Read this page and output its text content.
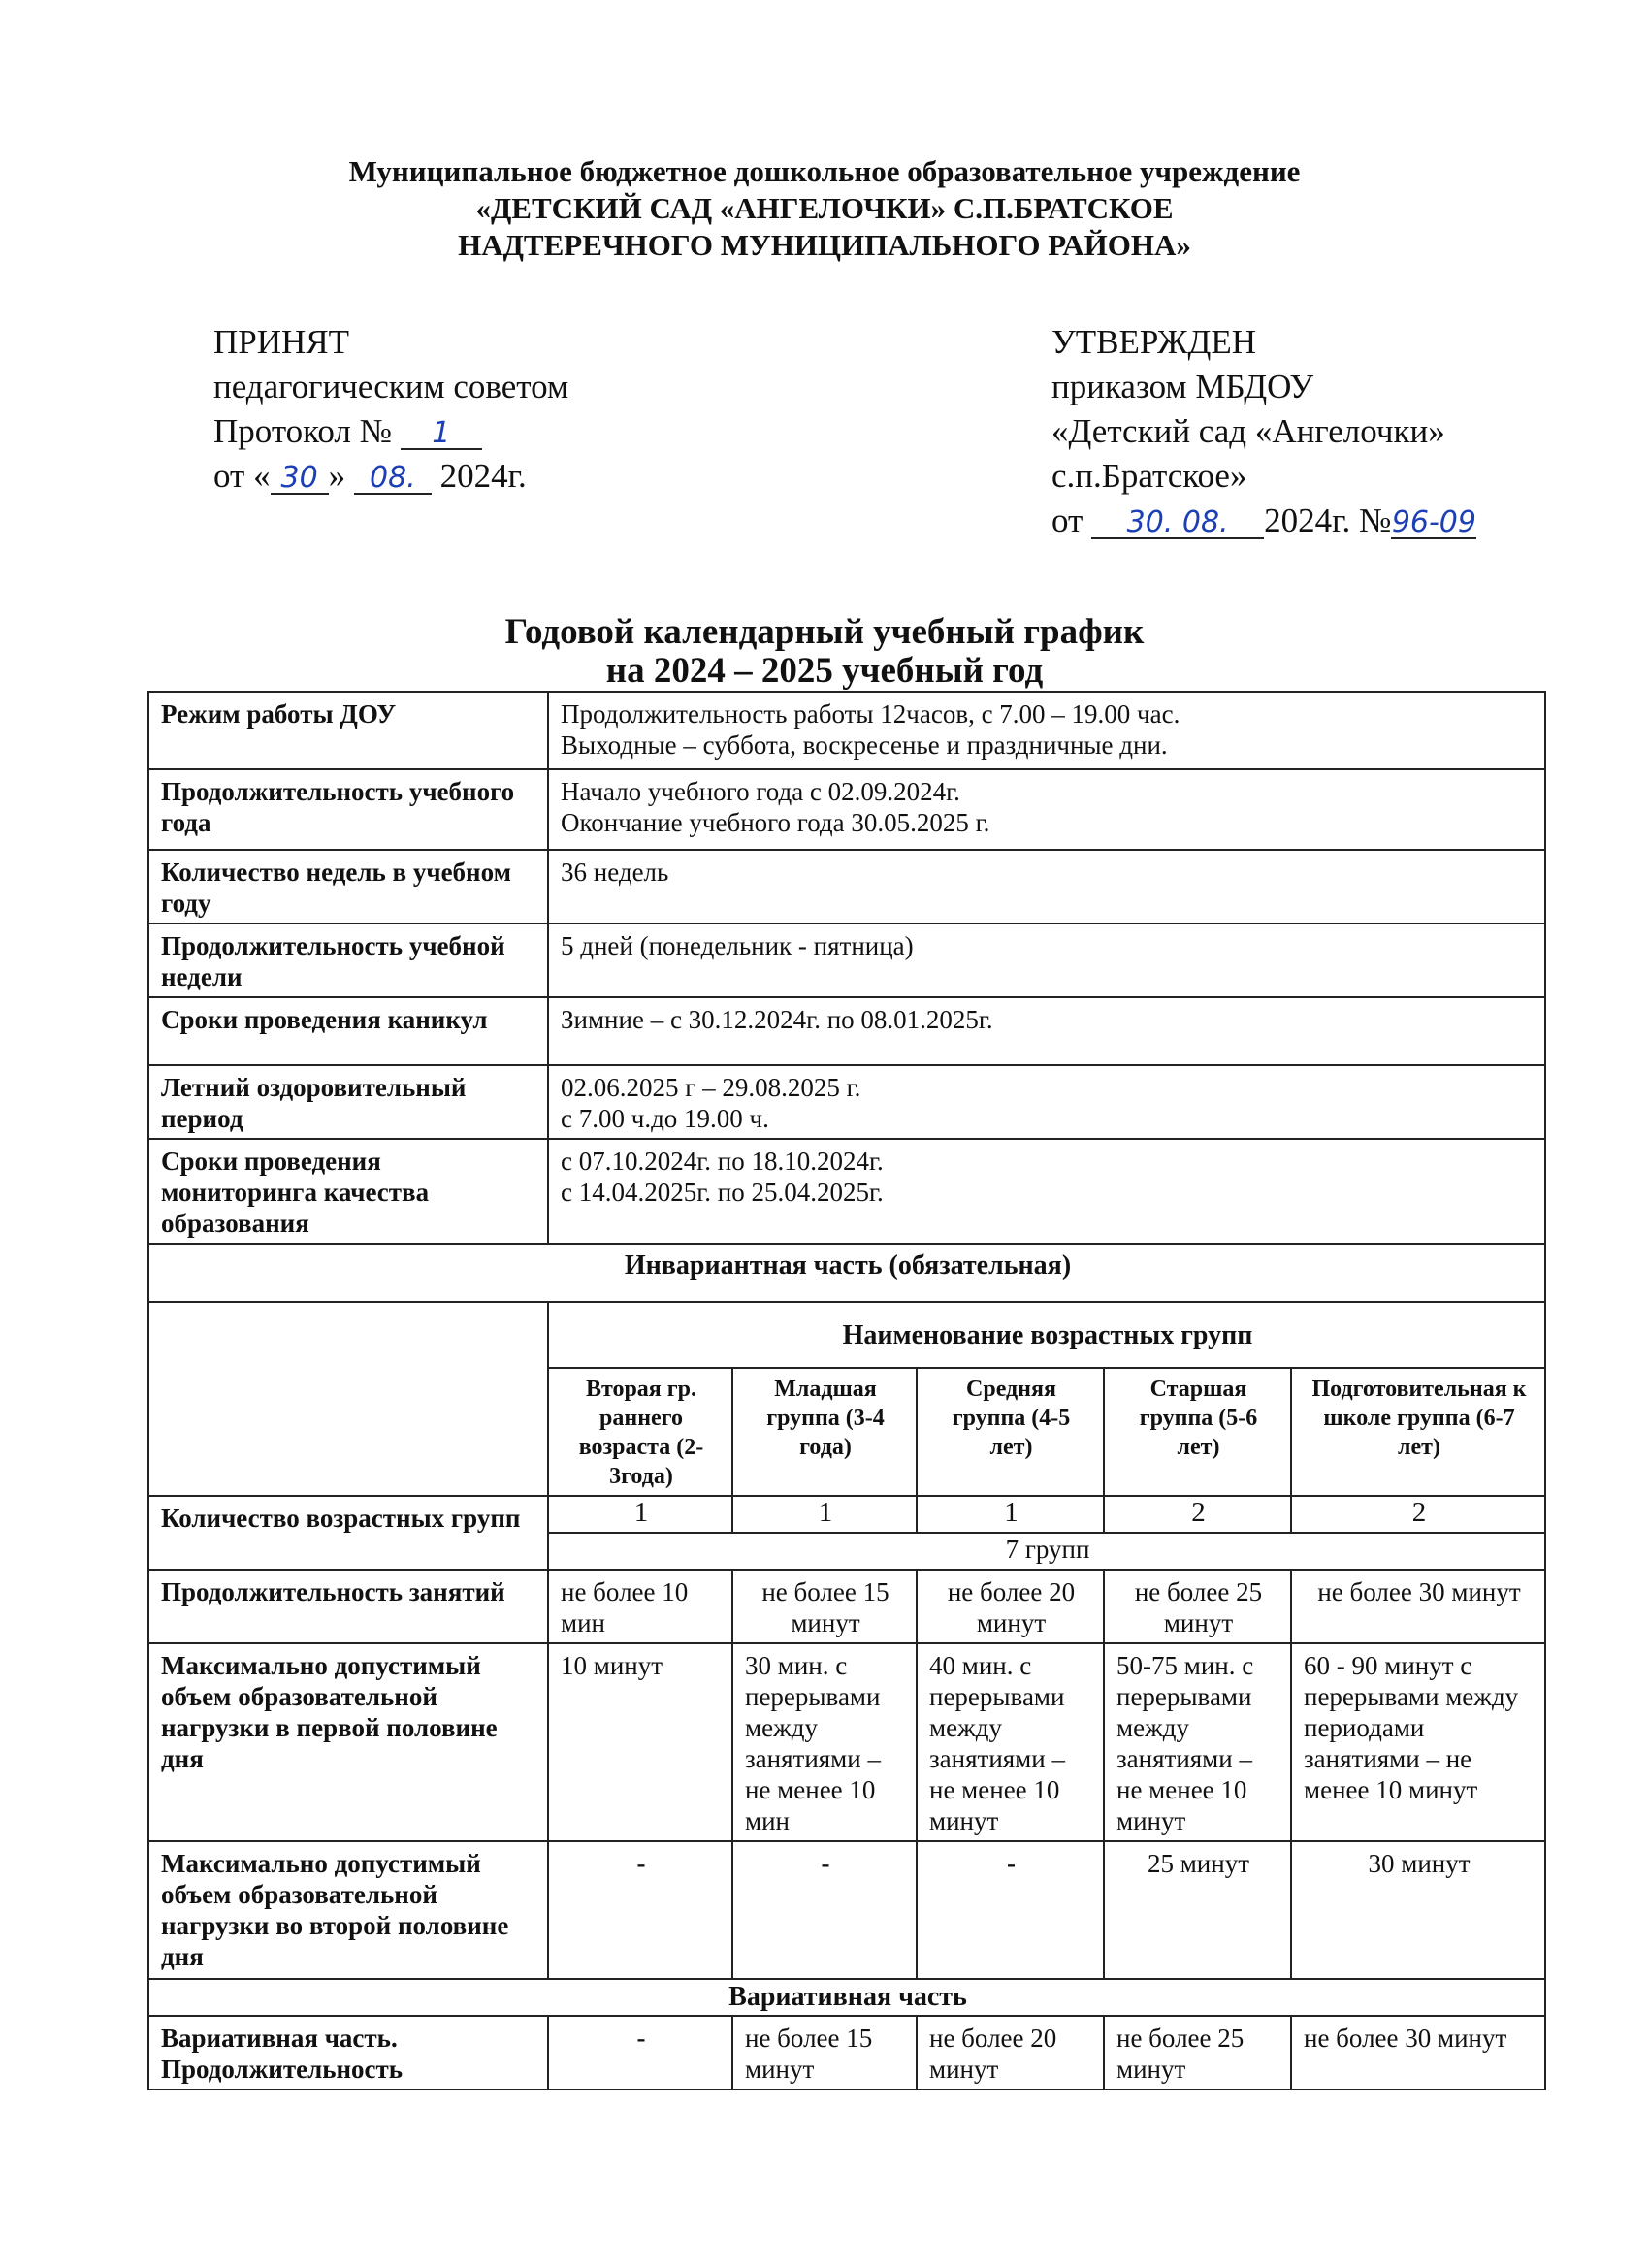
Муниципальное бюджетное дошкольное образовательное учреждение
«ДЕТСКИЙ САД «АНГЕЛОЧКИ» С.П.БРАТСКОЕ
НАДТЕРЕЧНОГО МУНИЦИПАЛЬНОГО РАЙОНА»
ПРИНЯТ
педагогическим советом
Протокол № 1
от « 30 » 08. 2024г.
УТВЕРЖДЕН
приказом МБДОУ
«Детский сад «Ангелочки»
с.п.Братское»
от 30. 08. 2024г. №96-09
Годовой календарный учебный график
на 2024 – 2025 учебный год
Режим работы ДОУ	Продолжительность работы 12часов, с 7.00 – 19.00 час.
Выходные – суббота, воскресенье и праздничные дни.				

Продолжительность учебного года	Начало учебного года с 02.09.2024г.
Окончание учебного года 30.05.2025 г.				

Количество недель в учебном году	36 недель				
Продолжительность учебной недели	5 дней (понедельник - пятница)				
Сроки проведения каникул	Зимние – с 30.12.2024г. по 08.01.2025г.				
Летний оздоровительный период	02.06.2025 г – 29.08.2025 г.
с 7.00 ч.до 19.00 ч.				

Сроки проведения мониторинга качества образования	с 07.10.2024г. по 18.10.2024г.
с 14.04.2025г. по 25.04.2025г.				

Инвариантная часть (обязательная)					
	Наименование возрастных групп				
	Вторая гр. раннего возраста (2-3года)	Младшая группа (3-4 года)	Средняя группа (4-5 лет)	Старшая группа (5-6 лет)	Подготовительная к школе группа (6-7 лет)
Количество возрастных групп	1	1	1	2	2
	7 групп				
Продолжительность занятий	не более 10 мин	не более 15 минут	не более 20 минут	не более 25 минут	не более 30 минут
Максимально допустимый объем образовательной нагрузки в первой половине дня	10 минут	30 мин. с перерывами между занятиями – не менее 10 мин	40 мин. с перерывами между занятиями – не менее 10 минут	50-75 мин. с перерывами между занятиями – не менее 10 минут	60 - 90 минут с перерывами между периодами занятиями – не менее 10 минут
Максимально допустимый объем образовательной нагрузки во второй половине дня	-	-	-	25 минут	30 минут
Вариативная часть					
Вариативная часть. Продолжительность	-	не более 15 минут	не более 20 минут	не более 25 минут	не более 30 минут
